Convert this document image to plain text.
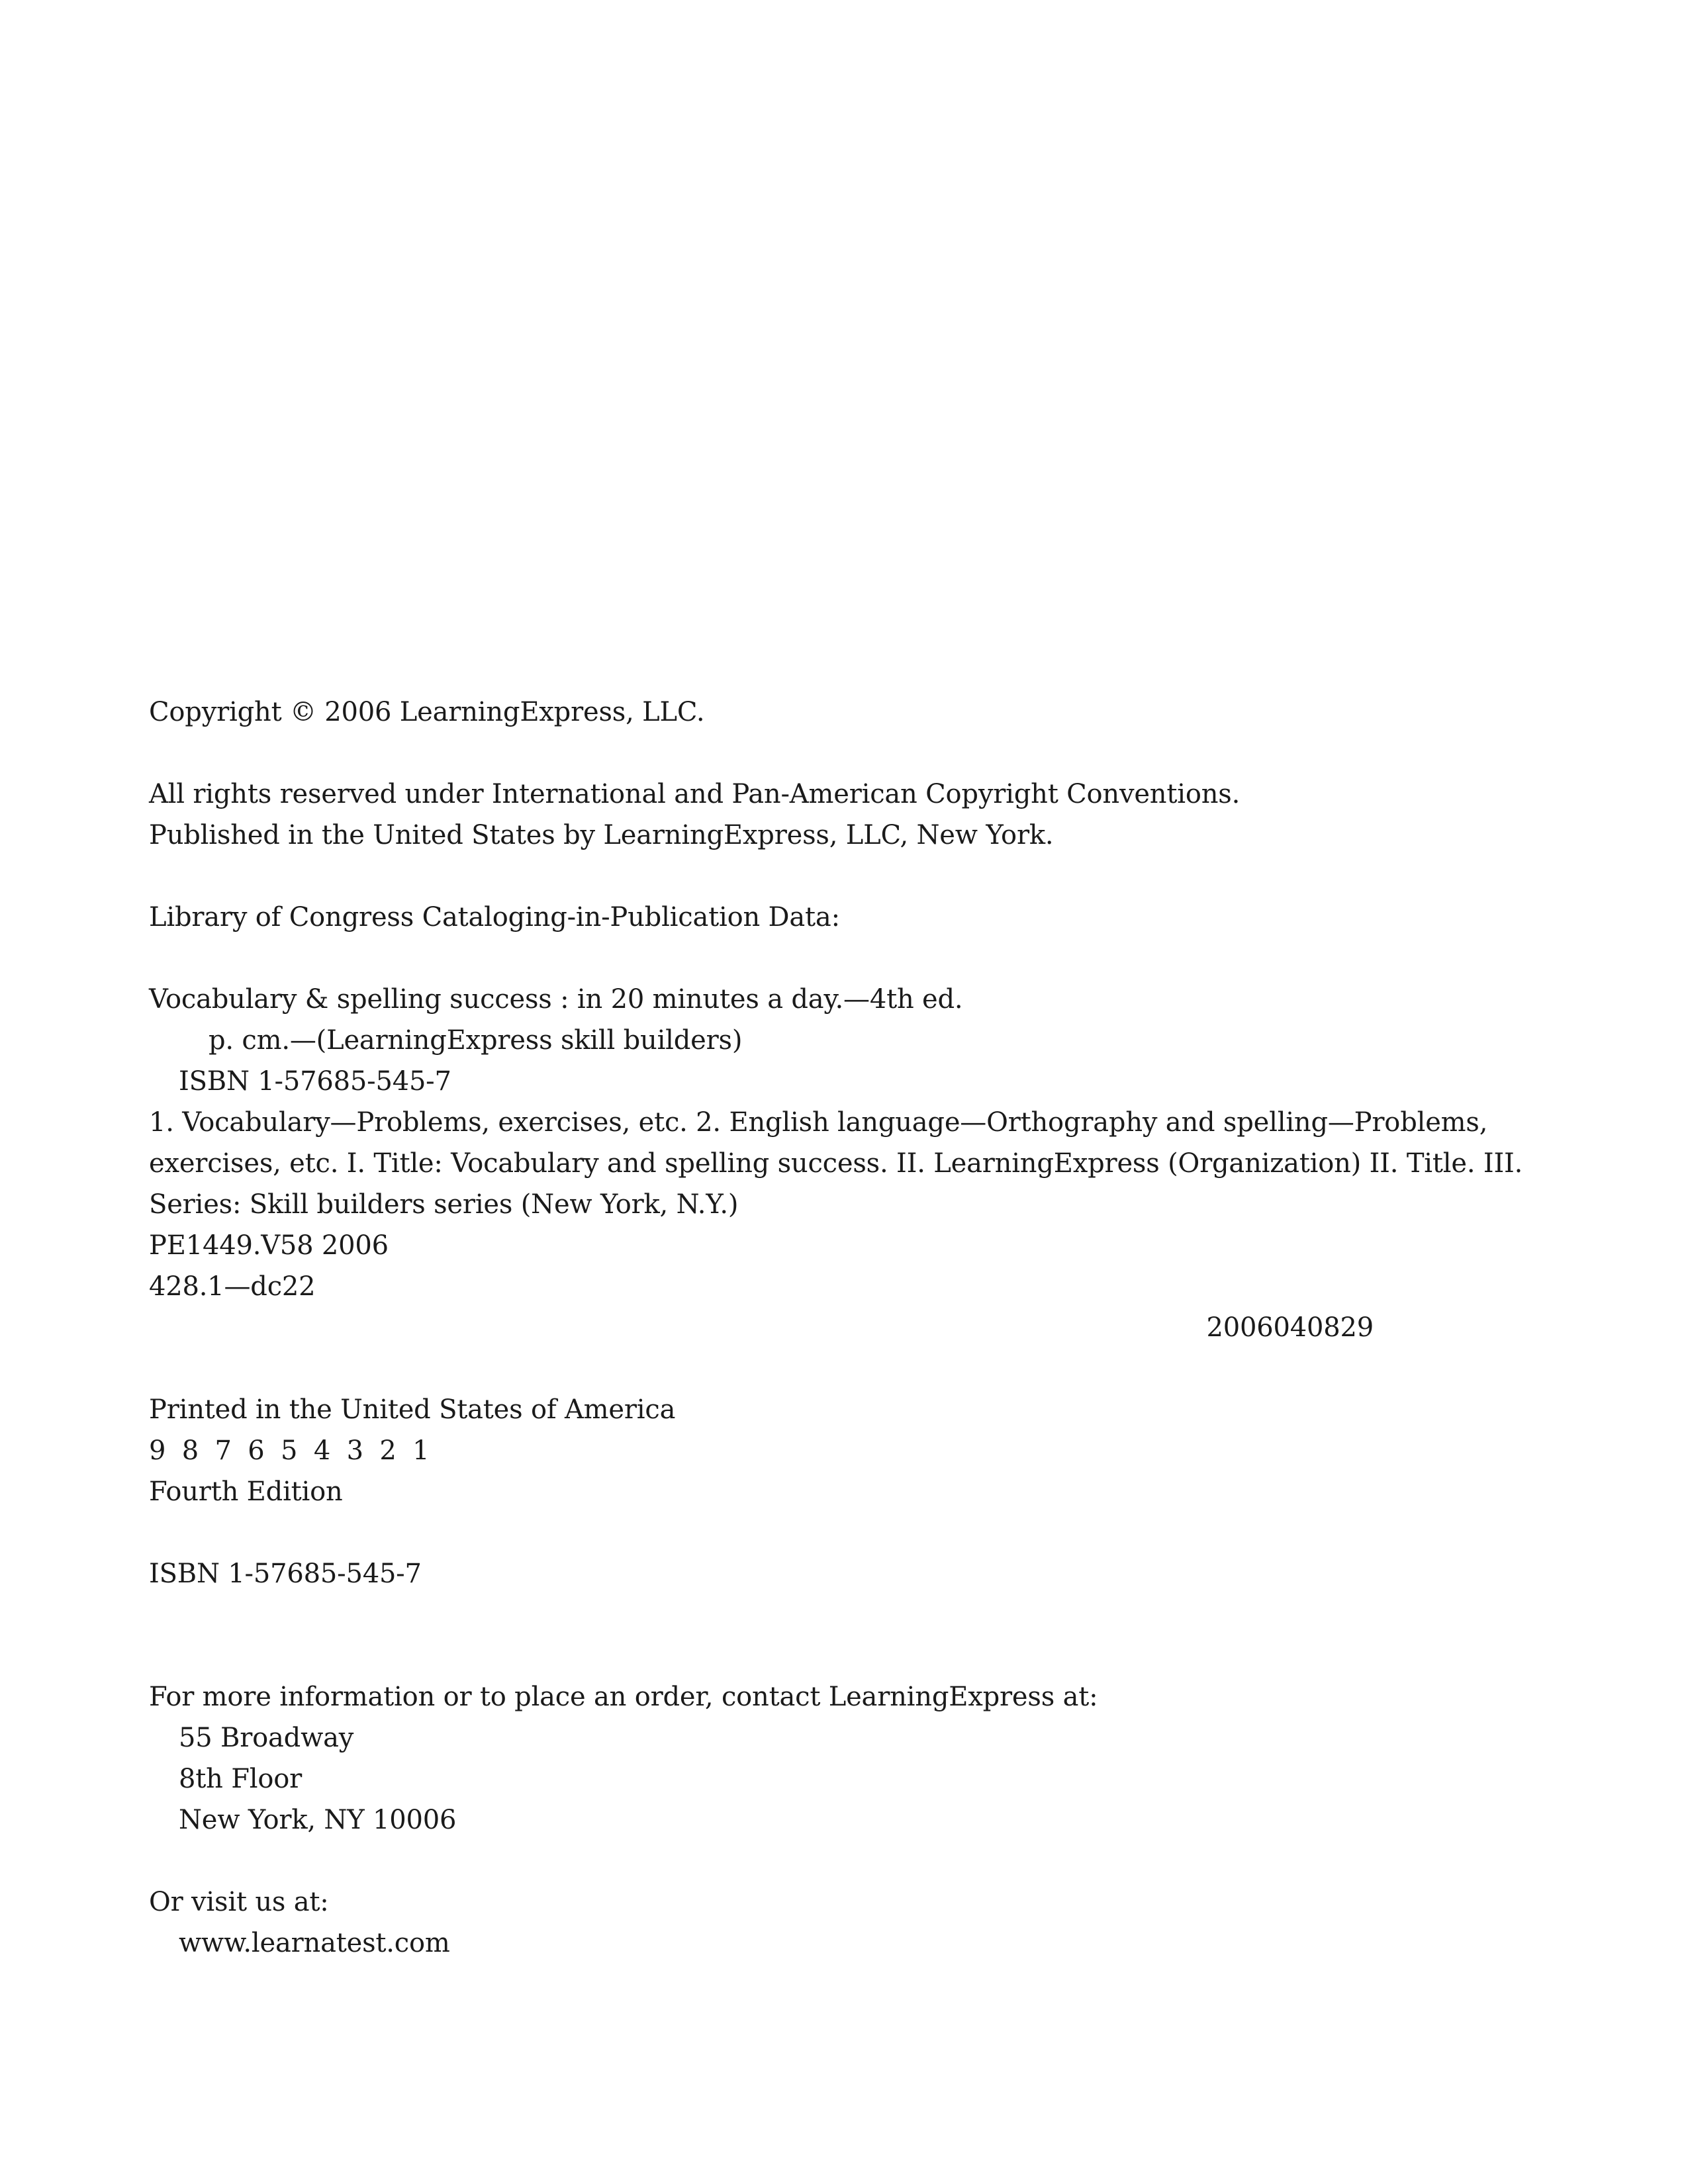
Copyright © 2006 LearningExpress, LLC.
All rights reserved under International and Pan-American Copyright Conventions.
Published in the United States by LearningExpress, LLC, New York.
Library of Congress Cataloging-in-Publication Data:
Vocabulary & spelling success : in 20 minutes a day.—4th ed.
p. cm.—(LearningExpress skill builders)
ISBN 1-57685-545-7
1. Vocabulary—Problems, exercises, etc. 2. English language—Orthography and spelling—Problems,
exercises, etc. I. Title: Vocabulary and spelling success. II. LearningExpress (Organization) II. Title. III.
Series: Skill builders series (New York, N.Y.)
PE1449.V58 2006
428.1—dc22
2006040829
Printed in the United States of America
9 8 7 6 5 4 3 2 1
Fourth Edition
ISBN 1-57685-545-7
For more information or to place an order, contact LearningExpress at:
55 Broadway
8th Floor
New York, NY 10006
Or visit us at:
www.learnatest.com
